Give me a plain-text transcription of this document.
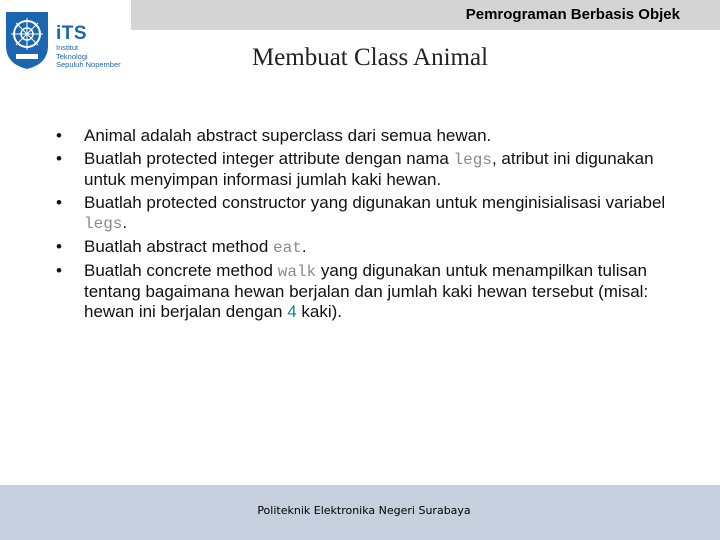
Pemrograman Berbasis Objek
iTS
Institut
Teknologi
Sepuluh Nopember	Membuat Class Animal
• Animal adalah abstract superclass dari semua hewan.
• Buatlah protected integer attribute dengan nama legs, atribut ini digunakan untuk menyimpan informasi jumlah kaki hewan.
• Buatlah protected constructor yang digunakan untuk menginisialisasi variabel legs.
• Buatlah abstract method eat.
• Buatlah concrete method walk yang digunakan untuk menampilkan tulisan tentang bagaimana hewan berjalan dan jumlah kaki hewan tersebut (misal: hewan ini berjalan dengan 4 kaki).
Politeknik Elektronika Negeri Surabaya
